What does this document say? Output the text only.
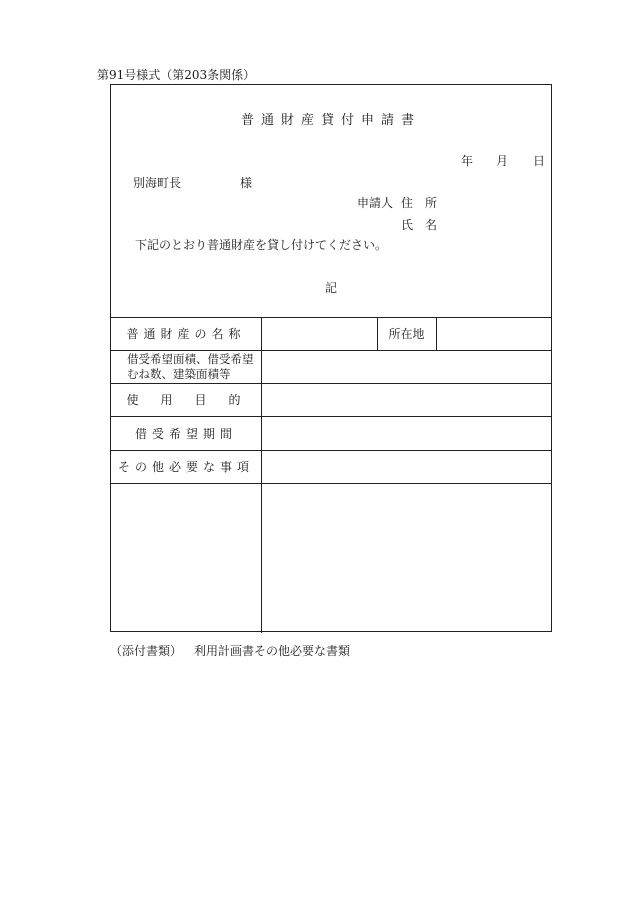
第91号様式（第203条関係）
普通財産貸付申請書
年 月 日
別海町長	様
申請人 住　所
氏　名
下記のとおり普通財産を貸し付けてください。
記
普通財産の名称	所在地
借受希望面積、借受希望むね数、建築面積等
使　用　目　的
借受希望期間
その他必要な事項
（添付書類） 利用計画書その他必要な書類
